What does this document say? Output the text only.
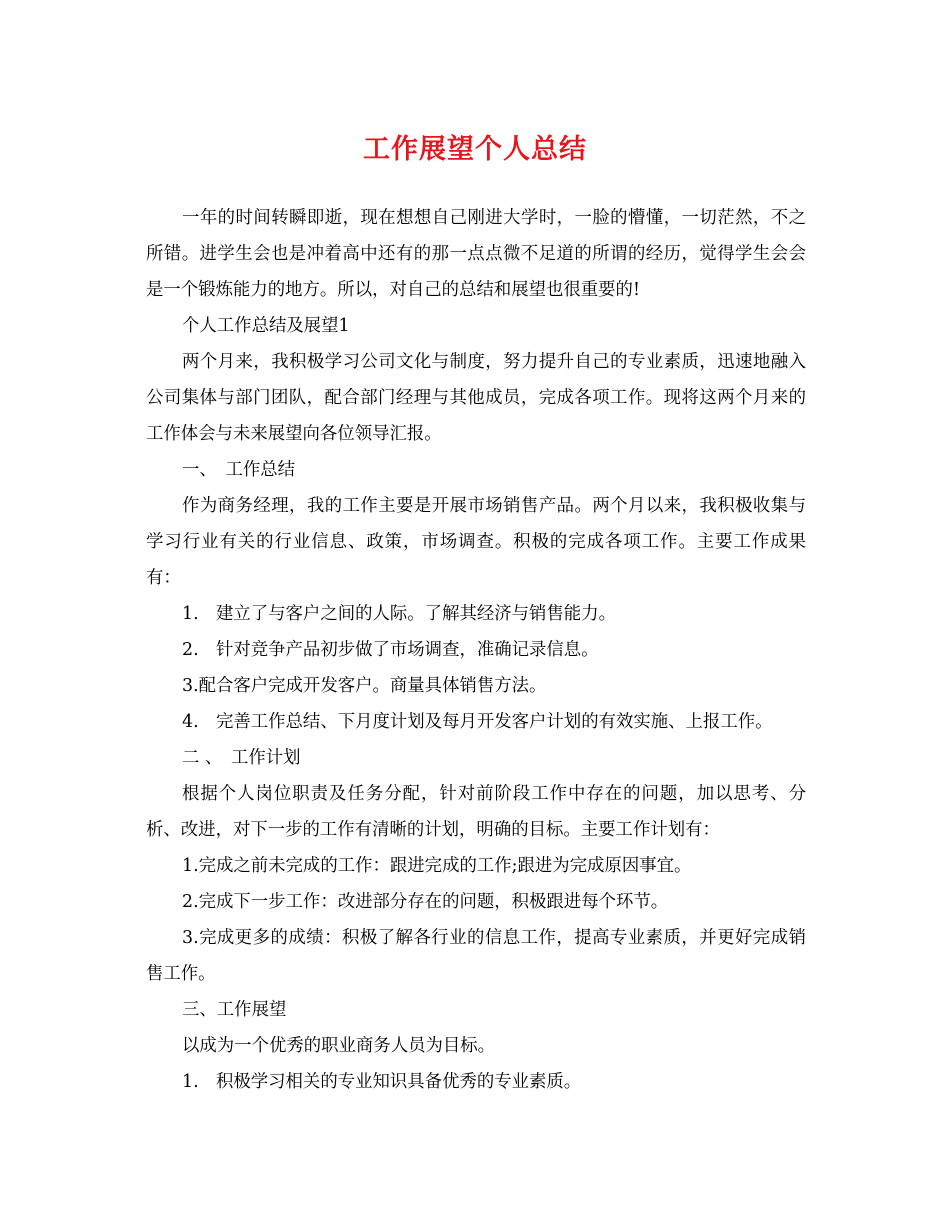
工作展望个人总结

一年的时间转瞬即逝，现在想想自己刚进大学时，一脸的懵懂，一切茫然，不之所错。进学生会也是冲着高中还有的那一点点微不足道的所谓的经历，觉得学生会会是一个锻炼能力的地方。所以，对自己的总结和展望也很重要的!

个人工作总结及展望1

两个月来，我积极学习公司文化与制度，努力提升自己的专业素质，迅速地融入公司集体与部门团队，配合部门经理与其他成员，完成各项工作。现将这两个月来的工作体会与未来展望向各位领导汇报。

一、　工作总结

作为商务经理，我的工作主要是开展市场销售产品。两个月以来，我积极收集与学习行业有关的行业信息、政策，市场调查。积极的完成各项工作。主要工作成果有：

1.　建立了与客户之间的人际。了解其经济与销售能力。

2.　针对竞争产品初步做了市场调查，准确记录信息。

3.配合客户完成开发客户。商量具体销售方法。

4.　完善工作总结、下月度计划及每月开发客户计划的有效实施、上报工作。

二 、　工作计划

根据个人岗位职责及任务分配，针对前阶段工作中存在的问题，加以思考、分析、改进，对下一步的工作有清晰的计划，明确的目标。主要工作计划有：

1.完成之前未完成的工作：跟进完成的工作;跟进为完成原因事宜。

2.完成下一步工作：改进部分存在的问题，积极跟进每个环节。

3.完成更多的成绩：积极了解各行业的信息工作，提高专业素质，并更好完成销售工作。

三、工作展望

以成为一个优秀的职业商务人员为目标。

1.　积极学习相关的专业知识具备优秀的专业素质。
